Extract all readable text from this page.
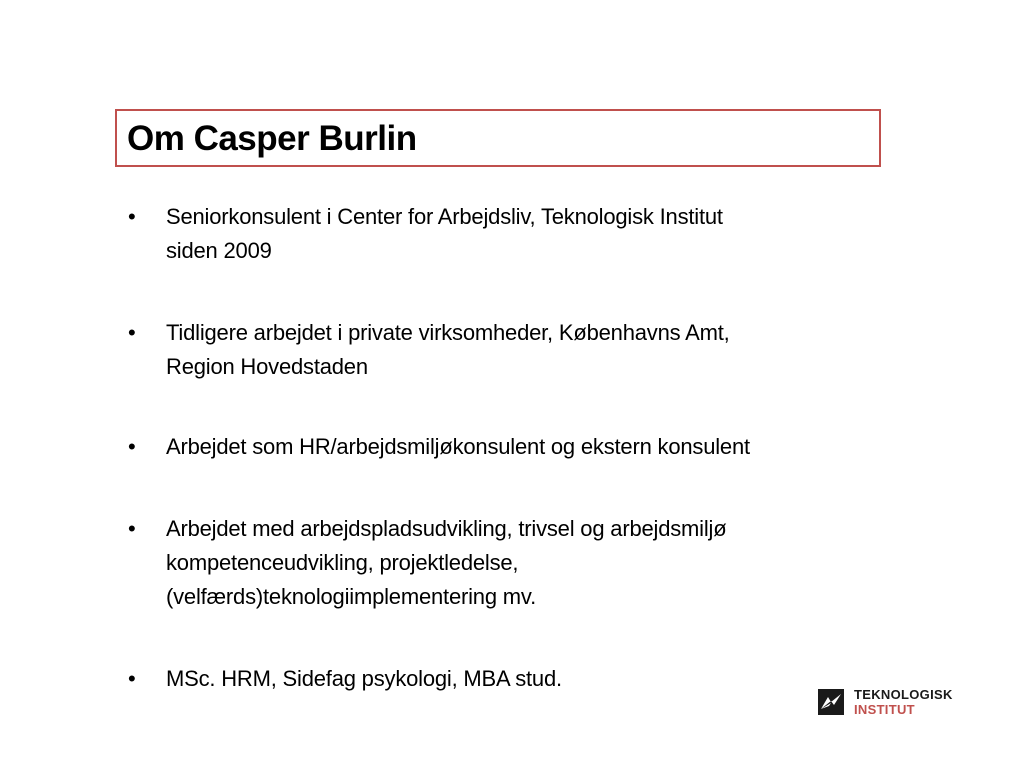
Om Casper Burlin
• Seniorkonsulent i Center for Arbejdsliv, Teknologisk Institut
siden 2009
• Tidligere arbejdet i private virksomheder, Københavns Amt,
Region Hovedstaden
• Arbejdet som HR/arbejdsmiljøkonsulent og ekstern konsulent
• Arbejdet med arbejdspladsudvikling, trivsel og arbejdsmiljø
kompetenceudvikling, projektledelse,
(velfærds)teknologiimplementering mv.
• MSc. HRM, Sidefag psykologi, MBA stud.
TEKNOLOGISK
INSTITUT
